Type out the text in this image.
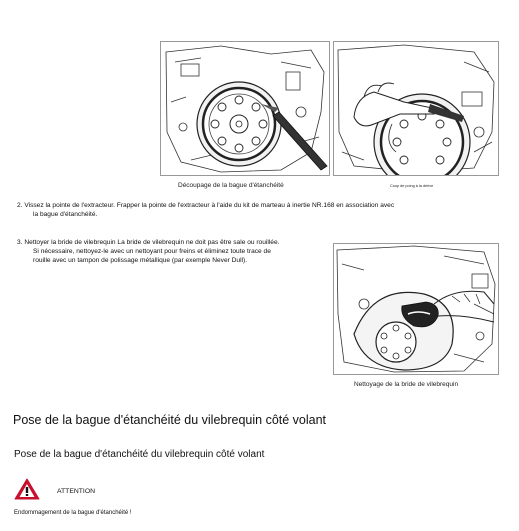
Découpage de la bague d'étanchéité	Coup de poing à la dérive
2. Vissez la pointe de l'extracteur. Frapper la pointe de l'extracteur à l'aide du kit de marteau à inertie NR.168 en association avec
la bague d'étanchéité.
3. Nettoyer la bride de vilebrequin La bride de vilebrequin ne doit pas être sale ou rouillée.
Si nécessaire, nettoyez-le avec un nettoyant pour freins et éliminez toute trace de
rouille avec un tampon de polissage métallique (par exemple Never Dull).
Nettoyage de la bride de vilebrequin
Pose de la bague d'étanchéité du vilebrequin côté volant
Pose de la bague d'étanchéité du vilebrequin côté volant
ATTENTION
Endommagement de la bague d'étanchéité !
